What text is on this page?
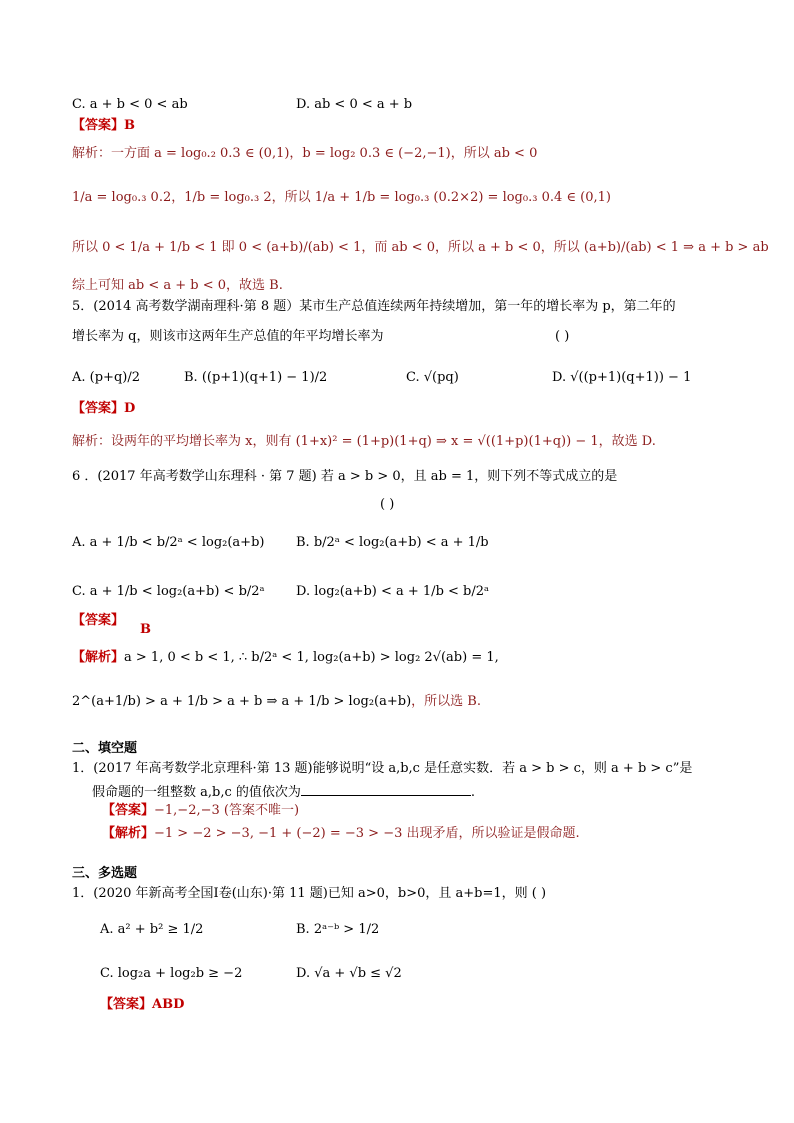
C. a + b < 0 < ab	D. ab < 0 < a + b
【答案】B
解析：一方面 a = log₀.₂ 0.3 ∈ (0,1)，b = log₂ 0.3 ∈ (−2,−1)，所以 ab < 0
1/a = log₀.₃ 0.2，1/b = log₀.₃ 2，所以 1/a + 1/b = log₀.₃ (0.2×2) = log₀.₃ 0.4 ∈ (0,1)
所以 0 < 1/a + 1/b < 1 即 0 < (a+b)/(ab) < 1，而 ab < 0，所以 a + b < 0，所以 (a+b)/(ab) < 1 ⇒ a + b > ab
综上可知 ab < a + b < 0，故选 B.
5．(2014 高考数学湖南理科·第 8 题）某市生产总值连续两年持续增加，第一年的增长率为 p，第二年的
增长率为 q，则该市这两年生产总值的年平均增长率为	( )
A. (p+q)/2	B. ((p+1)(q+1) − 1)/2	C. √(pq)	D. √((p+1)(q+1)) − 1
【答案】D
解析：设两年的平均增长率为 x，则有 (1+x)² = (1+p)(1+q) ⇒ x = √((1+p)(1+q)) − 1，故选 D.
6 ．(2017 年高考数学山东理科 · 第 7 题) 若 a > b > 0，且 ab = 1，则下列不等式成立的是
( )
A. a + 1/b < b/2ᵃ < log₂(a+b) B. b/2ᵃ < log₂(a+b) < a + 1/b
C. a + 1/b < log₂(a+b) < b/2ᵃ D. log₂(a+b) < a + 1/b < b/2ᵃ
【答案】
B
【解析】a > 1, 0 < b < 1, ∴ b/2ᵃ < 1, log₂(a+b) > log₂ 2√(ab) = 1,
2^(a+1/b) > a + 1/b > a + b ⇒ a + 1/b > log₂(a+b)，所以选 B.
二、填空题
1．(2017 年高考数学北京理科·第 13 题)能够说明“设 a,b,c 是任意实数．若 a > b > c，则 a + b > c”是
假命题的一组整数 a,b,c 的值依次为	.
【答案】−1,−2,−3 (答案不唯一)
【解析】−1 > −2 > −3, −1 + (−2) = −3 > −3 出现矛盾，所以验证是假命题.
三、多选题
1．(2020 年新高考全国Ⅰ卷(山东)·第 11 题)已知 a>0，b>0，且 a+b=1，则 ( )
A. a² + b² ≥ 1/2	B. 2ᵃ⁻ᵇ > 1/2
C. log₂a + log₂b ≥ −2	D. √a + √b ≤ √2
【答案】ABD
